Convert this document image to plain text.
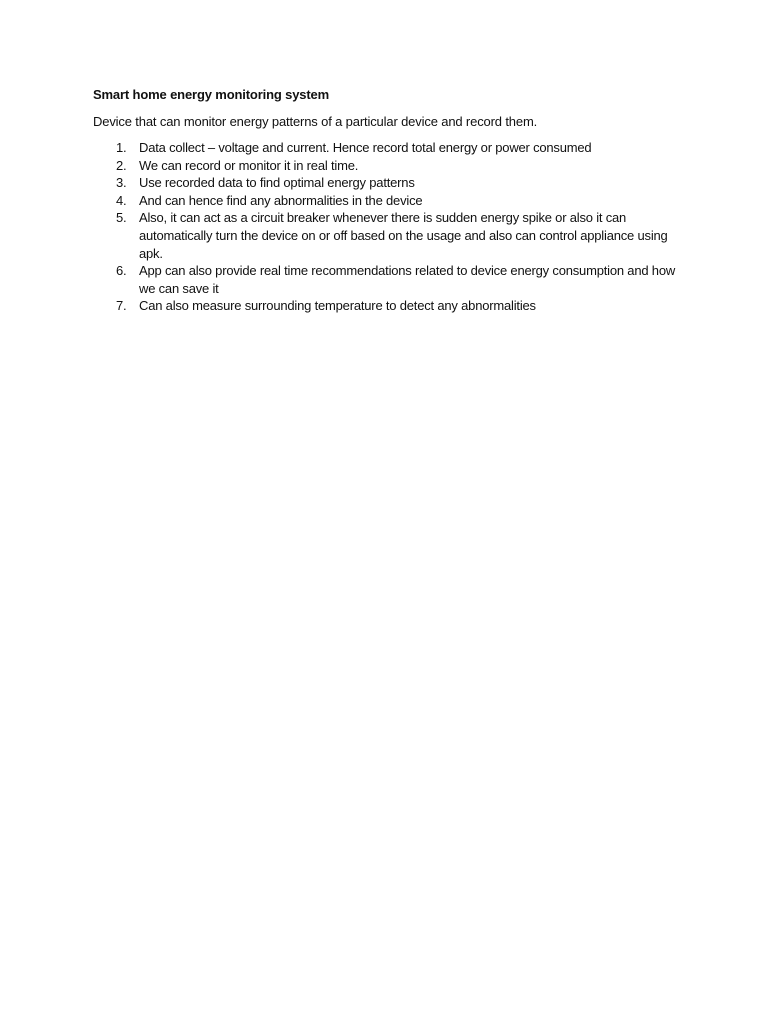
Smart home energy monitoring system
Device that can monitor energy patterns of a particular device and record them.
1. Data collect – voltage and current. Hence record total energy or power consumed
2. We can record or monitor it in real time.
3. Use recorded data to find optimal energy patterns
4. And can hence find any abnormalities in the device
5. Also, it can act as a circuit breaker whenever there is sudden energy spike or also it can automatically turn the device on or off based on the usage and also can control appliance using apk.
6. App can also provide real time recommendations related to device energy consumption and how we can save it
7. Can also measure surrounding temperature to detect any abnormalities
